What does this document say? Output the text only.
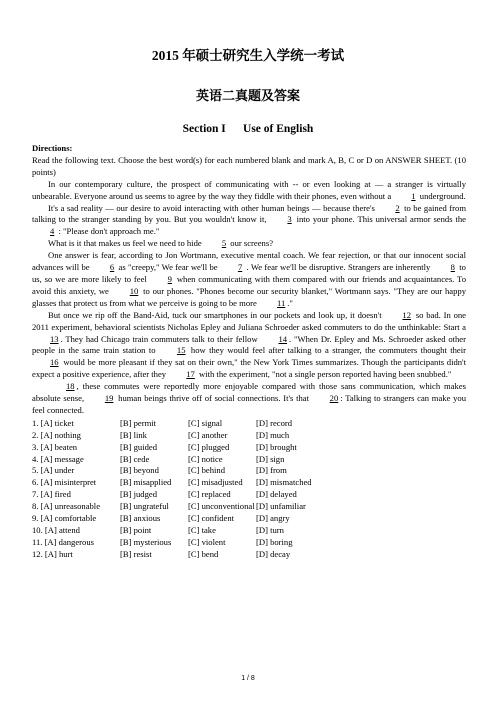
2015 年硕士研究生入学统一考试
英语二真题及答案
Section I      Use of English

Directions:

Read the following text. Choose the best word(s) for each numbered blank and mark A, B, C or D on ANSWER SHEET. (10 points)

In our contemporary culture, the prospect of communicating with -- or even looking at — a stranger is virtually unbearable. Everyone around us seems to agree by the way they fiddle with their phones, even without a 1 underground.

It's a sad reality — our desire to avoid interacting with other human beings — because there's 2 to be gained from talking to the stranger standing by you. But you wouldn't know it, 3 into your phone. This universal armor sends the 4 : "Please don't approach me."

What is it that makes us feel we need to hide 5 our screens?

One answer is fear, according to Jon Wortmann, executive mental coach. We fear rejection, or that our innocent social advances will be 6 as "creepy," We fear we'll be 7 . We fear we'll be disruptive. Strangers are inherently 8 to us, so we are more likely to feel 9 when communicating with them compared with our friends and acquaintances. To avoid this anxiety, we 10 to our phones. "Phones become our security blanket," Wortmann says. "They are our happy glasses that protect us from what we perceive is going to be more 11 ."

But once we rip off the Band-Aid, tuck our smartphones in our pockets and look up, it doesn't 12 so bad. In one 2011 experiment, behavioral scientists Nicholas Epley and Juliana Schroeder asked commuters to do the unthinkable: Start a 13 . They had Chicago train commuters talk to their fellow 14 . "When Dr. Epley and Ms. Schroeder asked other people in the same train station to 15 how they would feel after talking to a stranger, the commuters thought their 16 would be more pleasant if they sat on their own," the New York Times summarizes. Though the participants didn't expect a positive experience, after they 17 with the experiment, "not a single person reported having been snubbed."

18 , these commutes were reportedly more enjoyable compared with those sans communication, which makes absolute sense, 19 human beings thrive off of social connections. It's that 20 : Talking to strangers can make you feel connected.

1. [A] ticket	[B] permit	[C] signal	[D] record
2. [A] nothing	[B] link	[C] another	[D] much
3. [A] beaten	[B] guided	[C] plugged	[D] brought
4. [A] message	[B] cede	[C] notice	[D] sign
5. [A] under	[B] beyond	[C] behind	[D] from
6. [A] misinterpret	[B] misapplied	[C] misadjusted	[D] mismatched
7. [A] fired	[B] judged	[C] replaced	[D] delayed
8. [A] unreasonable	[B] ungrateful	[C] unconventional	[D] unfamiliar
9. [A] comfortable	[B] anxious	[C] confident	[D] angry
10. [A] attend	[B] point	[C] take	[D] turn
11. [A] dangerous	[B] mysterious	[C] violent	[D] boring
12. [A] hurt	[B] resist	[C] bend	[D] decay
1 / 8
